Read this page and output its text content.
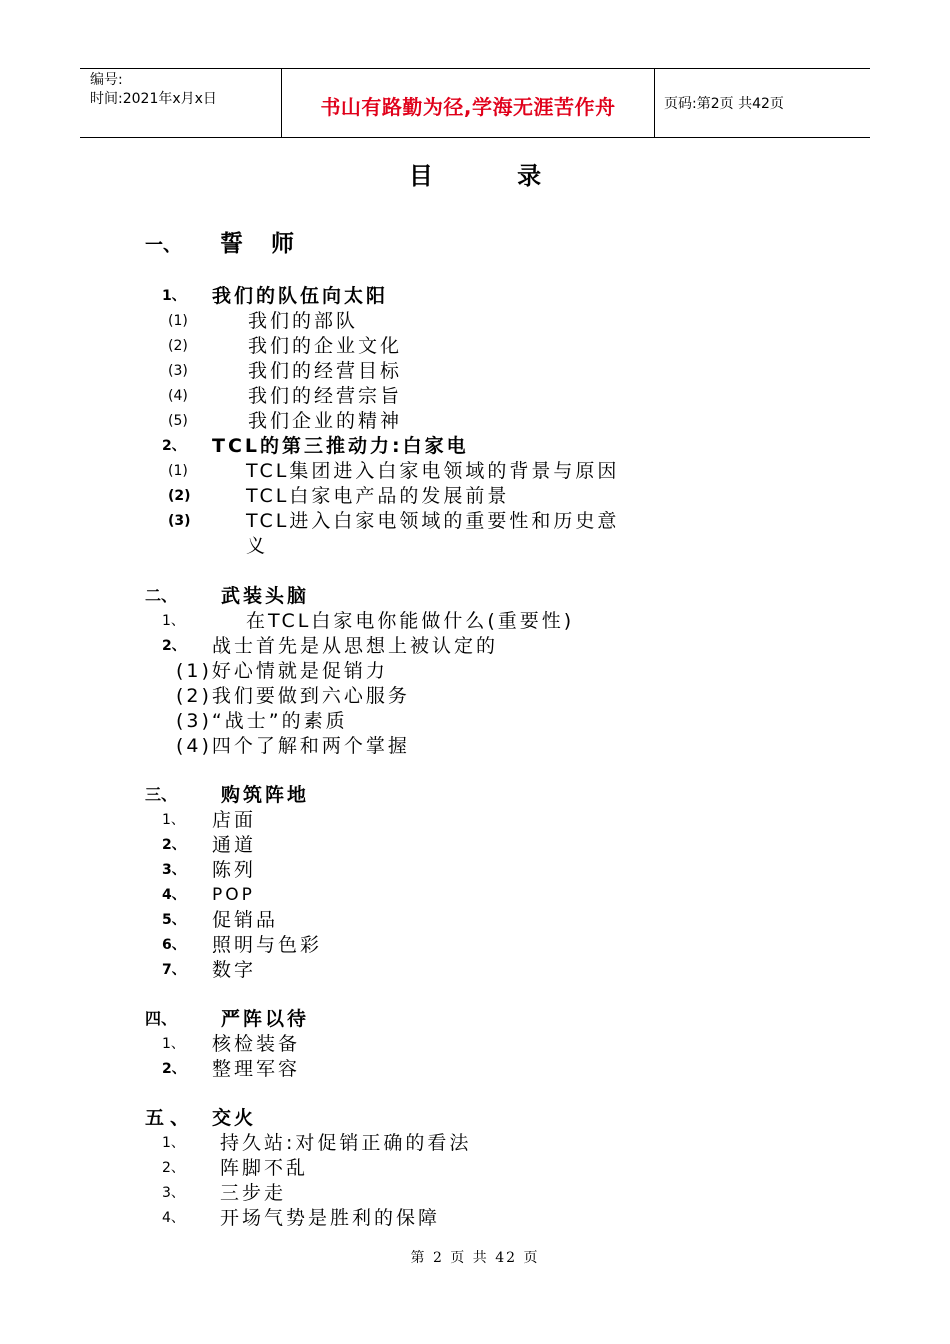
编号:
时间:2021年x月x日	书山有路勤为径,学海无涯苦作舟	页码:第2页 共42页
目 录
一、 誓 师
1、 我们的队伍向太阳
(1)	我们的部队
(2)	我们的企业文化
(3)	我们的经营目标
(4)	我们的经营宗旨
(5)	我们企业的精神
2、 TCL的第三推动力:白家电
(1)	TCL集团进入白家电领域的背景与原因
(2)	TCL白家电产品的发展前景
(3)	TCL进入白家电领域的重要性和历史意
义
二、 武装头脑
1、	在TCL白家电你能做什么(重要性)
2、 战士首先是从思想上被认定的
(1)好心情就是促销力
(2)我们要做到六心服务
(3)“战士”的素质
(4)四个了解和两个掌握
三、 购筑阵地
1、 店面
2、 通道
3、 陈列
4、 POP
5、 促销品
6、 照明与色彩
7、 数字
四、 严阵以待
1、 核检装备
2、 整理军容
五、 交火
1、 持久站:对促销正确的看法
2、 阵脚不乱
3、 三步走
4、 开场气势是胜利的保障
第 2 页 共 42 页
